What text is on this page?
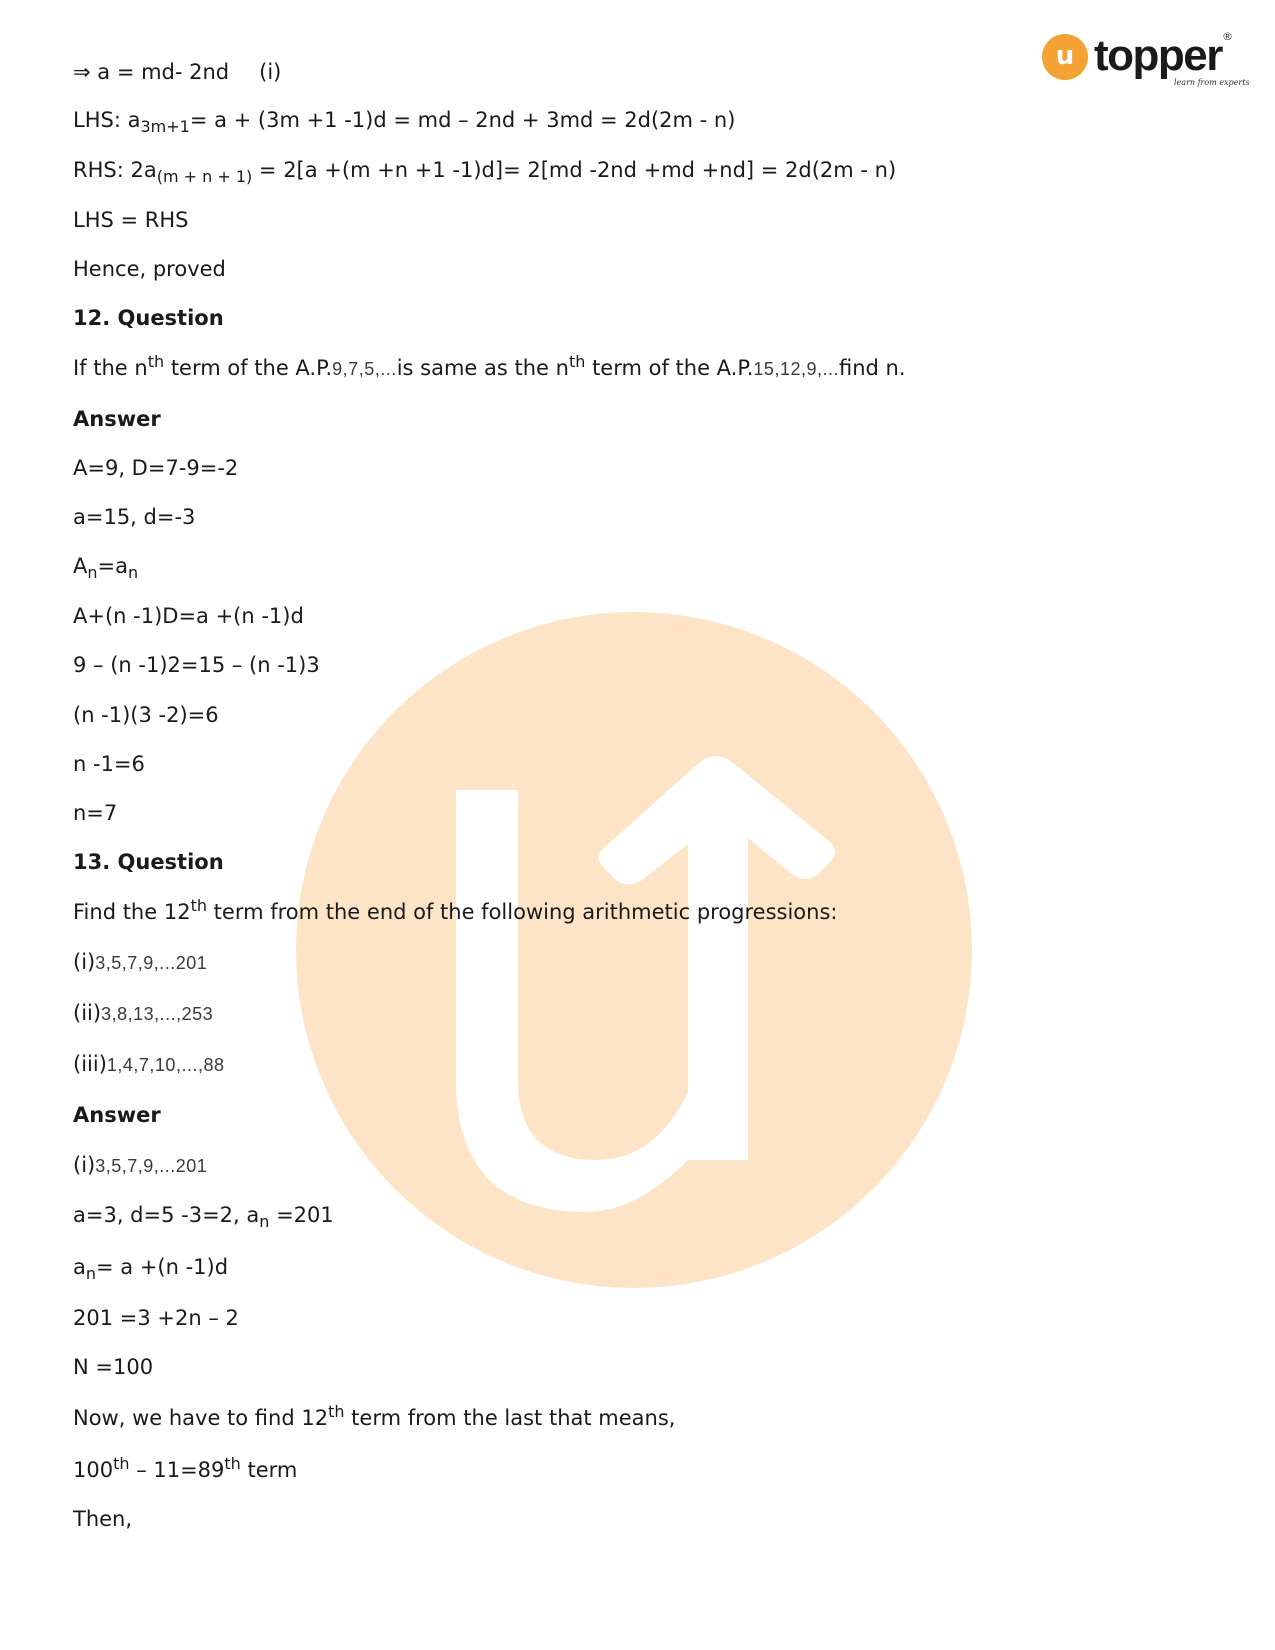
u topper ®
learn from experts
⇒ a = md- 2nd (i)
LHS: $a_{3m+1}= a + (3m +1$ -1)d = md – 2nd + 3md = 2d(2m - n)
RHS: $2a_{(m + n + 1)} = 2[a +(m +n +1$ -1)d]= 2[md -2nd +md +nd] = 2d(2m - n)
LHS = RHS
Hence, proved
12. Question
If the $n^{th}$ term of the A.P.9,7,5,...is same as the $n^{th}$ term of the A.P.15,12,9,...find n.
Answer
A=9, D=7-9=-2
a=15, d=-3
$A_n=a_n$
A+(n -1)D=a +(n -1)d
9 – (n -1)2=15 – (n -1)3
(n -1)(3 -2)=6
n -1=6
n=7
13. Question
Find the 12th term from the end of the following arithmetic progressions:
(i)3,5,7,9,...201
(ii)3,8,13,...,253
(iii)1,4,7,10,...,88
Answer
(i)3,5,7,9,...201
a=3, d=5 -3=2, $a_n =201$
$a_n= a +(n$ -1)d
201 =3 +2n – 2
N =100
Now, we have to find 12th term from the last that means,
100th – 11=89th term
Then,
